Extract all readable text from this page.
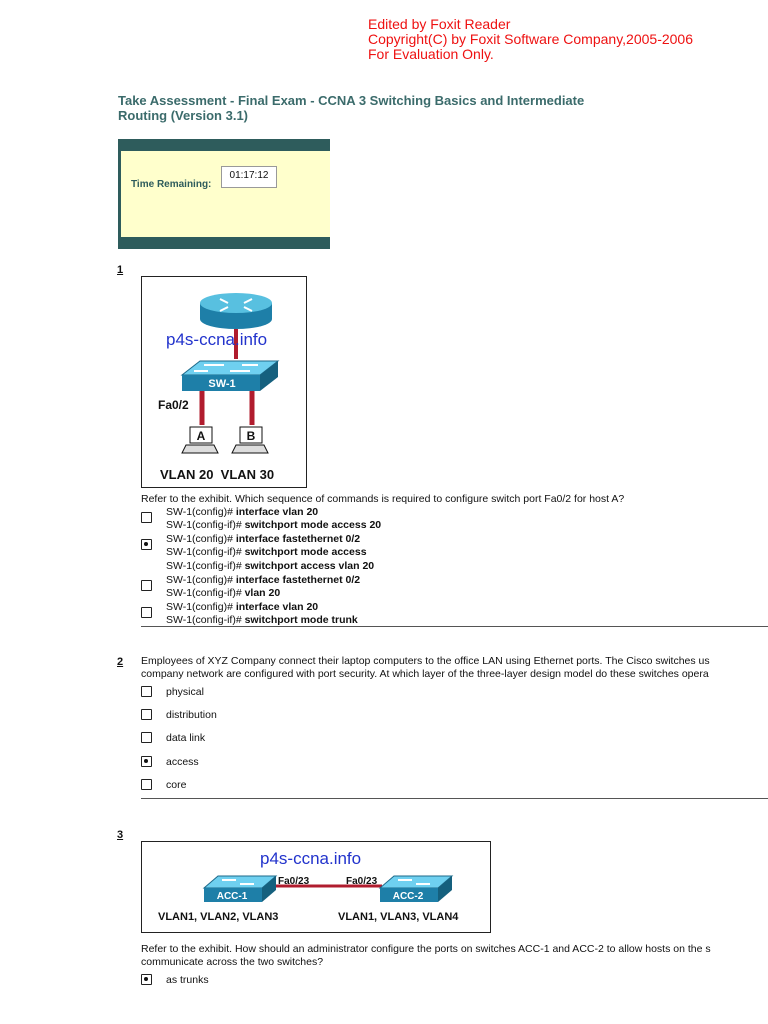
Edited by Foxit Reader
Copyright(C) by Foxit Software Company,2005-2006
For Evaluation Only.
Take Assessment - Final Exam - CCNA 3 Switching Basics and Intermediate
Routing (Version 3.1)
Time Remaining:
01:17:12
1
SW-1
p4s-ccna.info
Fa0/2
A	B
VLAN 20  VLAN 30
Refer to the exhibit. Which sequence of commands is required to configure switch port Fa0/2 for host A?
SW-1(config)# interface vlan 20
SW-1(config-if)# switchport mode access 20
SW-1(config)# interface fastethernet 0/2
SW-1(config-if)# switchport mode access
SW-1(config-if)# switchport access vlan 20
SW-1(config)# interface fastethernet 0/2
SW-1(config-if)# vlan 20
SW-1(config)# interface vlan 20
SW-1(config-if)# switchport mode trunk
2 Employees of XYZ Company connect their laptop computers to the office LAN using Ethernet ports. The Cisco switches us
company network are configured with port security. At which layer of the three-layer design model do these switches opera
physical
distribution
data link
access
core
3
p4s-ccna.info
Fa0/23	Fa0/23
ACC-1	ACC-2
VLAN1, VLAN2, VLAN3	VLAN1, VLAN3, VLAN4
Refer to the exhibit. How should an administrator configure the ports on switches ACC-1 and ACC-2 to allow hosts on the s
communicate across the two switches?
as trunks
